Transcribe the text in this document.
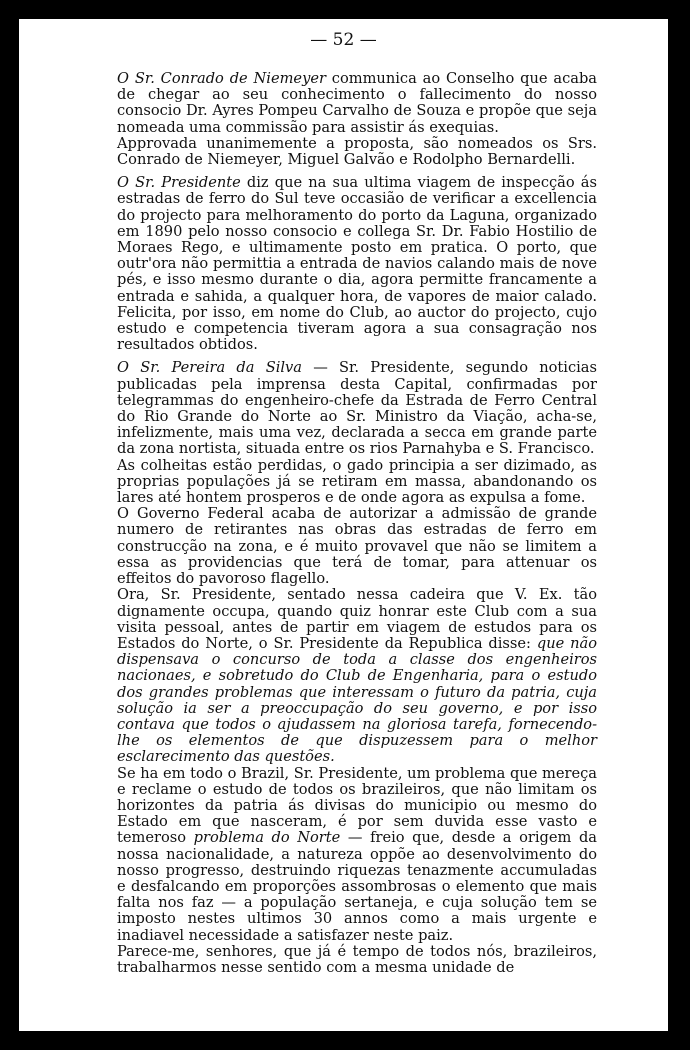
— 52 —

O Sr. Conrado de Niemeyer communica ao Conselho que acaba de chegar ao seu conhecimento o fallecimento do nosso consocio Dr. Ayres Pompeu Carvalho de Souza e propõe que seja nomeada uma commissão para assistir ás exequias.

Approvada unanimemente a proposta, são nomeados os Srs. Conrado de Niemeyer, Miguel Galvão e Rodolpho Bernardelli.

O Sr. Presidente diz que na sua ultima viagem de inspecção ás estradas de ferro do Sul teve occasião de verificar a excellencia do projecto para melhoramento do porto da Laguna, organizado em 1890 pelo nosso consocio e collega Sr. Dr. Fabio Hostilio de Moraes Rego, e ultimamente posto em pratica. O porto, que outr'ora não permittia a entrada de navios calando mais de nove pés, e isso mesmo durante o dia, agora permitte francamente a entrada e sahida, a qualquer hora, de vapores de maior calado. Felicita, por isso, em nome do Club, ao auctor do projecto, cujo estudo e competencia tiveram agora a sua consagração nos resultados obtidos.

O Sr. Pereira da Silva — Sr. Presidente, segundo noticias publicadas pela imprensa desta Capital, confirmadas por telegrammas do engenheiro-chefe da Estrada de Ferro Central do Rio Grande do Norte ao Sr. Ministro da Viação, acha-se, infelizmente, mais uma vez, declarada a secca em grande parte da zona nortista, situada entre os rios Parnahyba e S. Francisco.

As colheitas estão perdidas, o gado principia a ser dizimado, as proprias populações já se retiram em massa, abandonando os lares até hontem prosperos e de onde agora as expulsa a fome.

O Governo Federal acaba de autorizar a admissão de grande numero de retirantes nas obras das estradas de ferro em construcção na zona, e é muito provavel que não se limitem a essa as providencias que terá de tomar, para attenuar os effeitos do pavoroso flagello.

Ora, Sr. Presidente, sentado nessa cadeira que V. Ex. tão dignamente occupa, quando quiz honrar este Club com a sua visita pessoal, antes de partir em viagem de estudos para os Estados do Norte, o Sr. Presidente da Republica disse: que não dispensava o concurso de toda a classe dos engenheiros nacionaes, e sobretudo do Club de Engenharia, para o estudo dos grandes problemas que interessam o futuro da patria, cuja solução ia ser a preoccupação do seu governo, e por isso contava que todos o ajudassem na gloriosa tarefa, fornecendo-lhe os elementos de que dispuzessem para o melhor esclarecimento das questões.

Se ha em todo o Brazil, Sr. Presidente, um problema que mereça e reclame o estudo de todos os brazileiros, que não limitam os horizontes da patria ás divisas do municipio ou mesmo do Estado em que nasceram, é por sem duvida esse vasto e temeroso problema do Norte — freio que, desde a origem da nossa nacionalidade, a natureza oppõe ao desenvolvimento do nosso progresso, destruindo riquezas tenazmente accumuladas e desfalcando em proporções assombrosas o elemento que mais falta nos faz — a população sertaneja, e cuja solução tem se imposto nestes ultimos 30 annos como a mais urgente e inadiavel necessidade a satisfazer neste paiz.

Parece-me, senhores, que já é tempo de todos nós, brazileiros, trabalharmos nesse sentido com a mesma unidade de
